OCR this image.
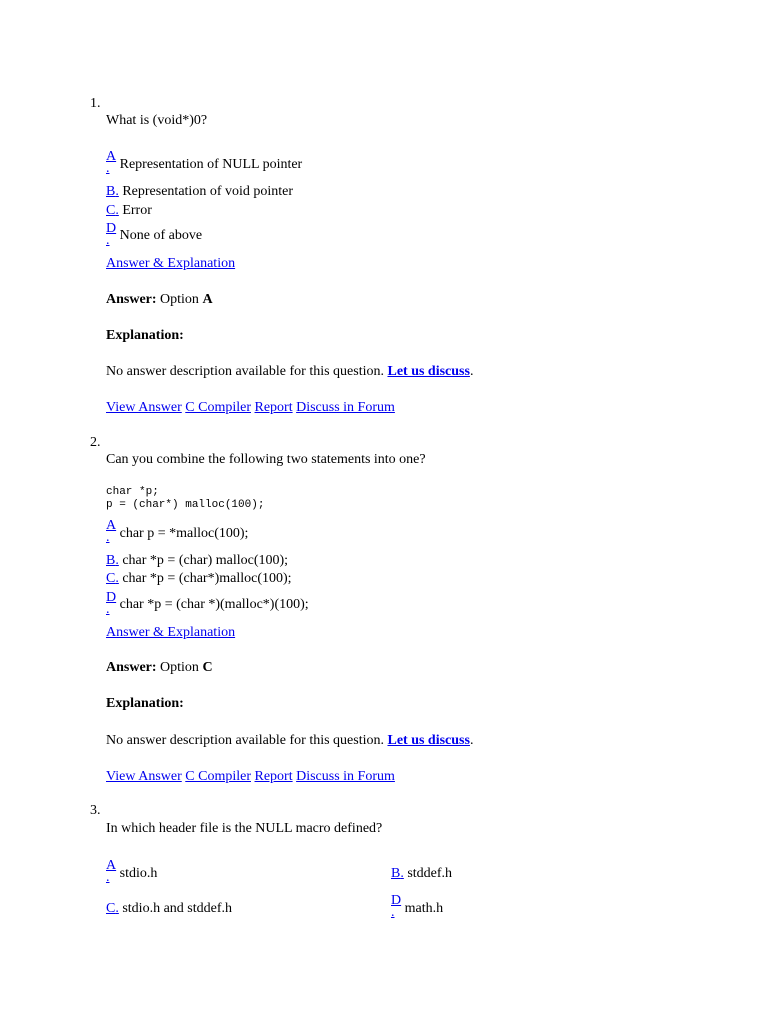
1.
What is (void*)0?
A
. Representation of NULL pointer
B. Representation of void pointer
C. Error
D
. None of above
Answer & Explanation
Answer: Option A
Explanation:
No answer description available for this question. Let us discuss.
View Answer C Compiler Report Discuss in Forum
2.
Can you combine the following two statements into one?
char *p;
p = (char*) malloc(100);
A
. char p = *malloc(100);
B. char *p = (char) malloc(100);
C. char *p = (char*)malloc(100);
D
. char *p = (char *)(malloc*)(100);
Answer & Explanation
Answer: Option C
Explanation:
No answer description available for this question. Let us discuss.
View Answer C Compiler Report Discuss in Forum
3.
In which header file is the NULL macro defined?
A
. stdio.h	B. stddef.h
C. stdio.h and stddef.h
D
. math.h
